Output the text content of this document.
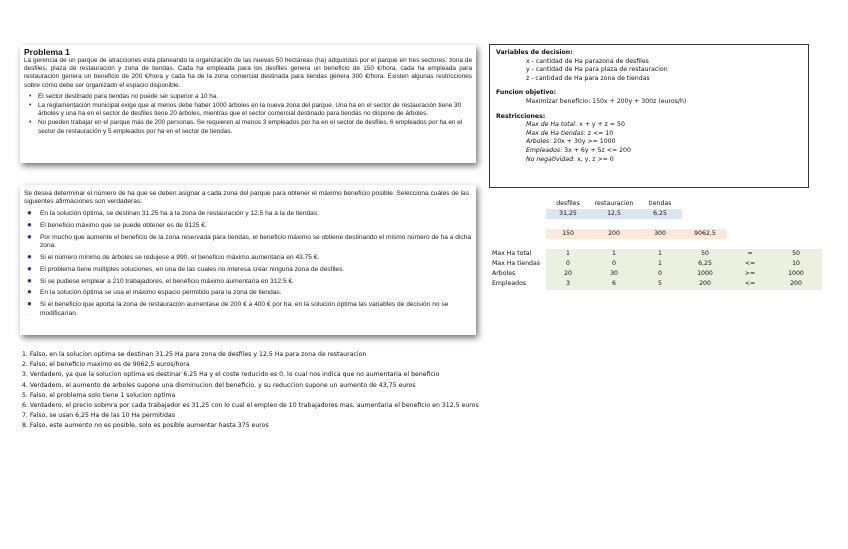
Problema 1
La gerencia de un parque de atracciones está planeando la organización de las nuevas 50 hectáreas (ha) adquiridas por el parque en tres sectores: zona de desfiles, plaza de restauración y zona de tiendas. Cada ha empleada para los desfiles genera un beneficio de 150 €/hora, cada ha empleada para restauración genera un beneficio de 200 €/hora y cada ha de la zona comercial destinada para tiendas genera 300 €/hora. Existen algunas restricciones sobre cómo debe ser organizado el espacio disponible.
• El sector destinado para tiendas no puede ser superior a 10 ha.
• La reglamentación municipal exige que al menos debe haber 1000 árboles en la nueva zona del parque. Una ha en el sector de restauración tiene 30 árboles y una ha en el sector de desfiles tiene 20 árboles, mientras que el sector comercial destinado para tiendas no dispone de árboles.
• No pueden trabajar en el parque más de 200 personas. Se requieren al menos 3 empleados por ha en el sector de desfiles, 6 empleados por ha en el sector de restauración y 5 empleados por ha en el sector de tiendas.
Se desea determinar el número de ha que se deben asignar a cada zona del parque para obtener el máximo beneficio posible. Selecciona cuáles de las siguientes afirmaciones son verdaderas:
● En la solución óptima, se destinan 31.25 ha a la zona de restauración y 12.5 ha a la de tiendas.
● El beneficio máximo que se puede obtener es de 9125 €.
● Por mucho que aumente el beneficio de la zona reservada para tiendas, el beneficio máximo se obtiene destinando el mismo número de ha a dicha zona.
● Si el número mínimo de árboles se redujese a 990, el beneficio máximo aumentaría en 43.75 €.
● El problema tiene múltiples soluciones, en una de las cuales no interesa crear ninguna zona de desfiles.
● Si se pudiese emplear a 210 trabajadores, el beneficio máximo aumentaría en 312.5 €.
● En la solución óptima se usa el máximo espacio permitido para la zona de tiendas.
● Si el beneficio que aporta la zona de restauración aumentase de 200 € a 400 € por ha, en la solución óptima las variables de decisión no se modificarían.
Variables de decision:
x - cantidad de Ha parazona de desfiles
y - cantidad de Ha para plaza de restauracion
z - cantidad de Ha para zona de tiendas
Funcion objetivo:
Maximizar beneficio: 150x + 200y + 300z (euros/h)
Restricciones:
Max de Ha total: x + y + z = 50
Max de Ha tiendas: z <= 10
Arboles: 20x + 30y >= 1000
Empleados: 3x + 6y + 5z <= 200
No negatividad: x, y, z >= 0
desfiles	restauracion	tiendas
31,25	12,5	6,25
150	200	300	9062,5
Max Ha total	1	1	1	50	=	50
Max Ha tiendas	0	0	1	6,25	<=	10
Arboles	20	30	0	1000	>=	1000
Empleados	3	6	5	200	<=	200
1. Falso, en la solucion optima se destinan 31,25 Ha para zona de desfiles y 12,5 Ha para zona de restauracion
2. Falso, el beneficio maximo es de 9062,5 euros/hora
3. Verdadero, ya que la solucion optima es destinar 6,25 Ha y el coste reducido es 0, lo cual nos indica que no aumentaria el beneficio
4. Verdadero, el aumento de arboles supone una disminucion del beneficio, y su reduccion supone un aumento de 43,75 euros
5. Falso, el problema solo tiene 1 solucion optima
6. Verdadero, el precio sobmra por cada trabajador es 31,25 con lo cual el empleo de 10 trabajadores mas, aumentaria el beneficio en 312,5 euros
7. Falso, se usan 6,25 Ha de las 10 Ha permitidas
8. Falso, este aumento no es posible, solo es posible aumentar hasta 375 euros
